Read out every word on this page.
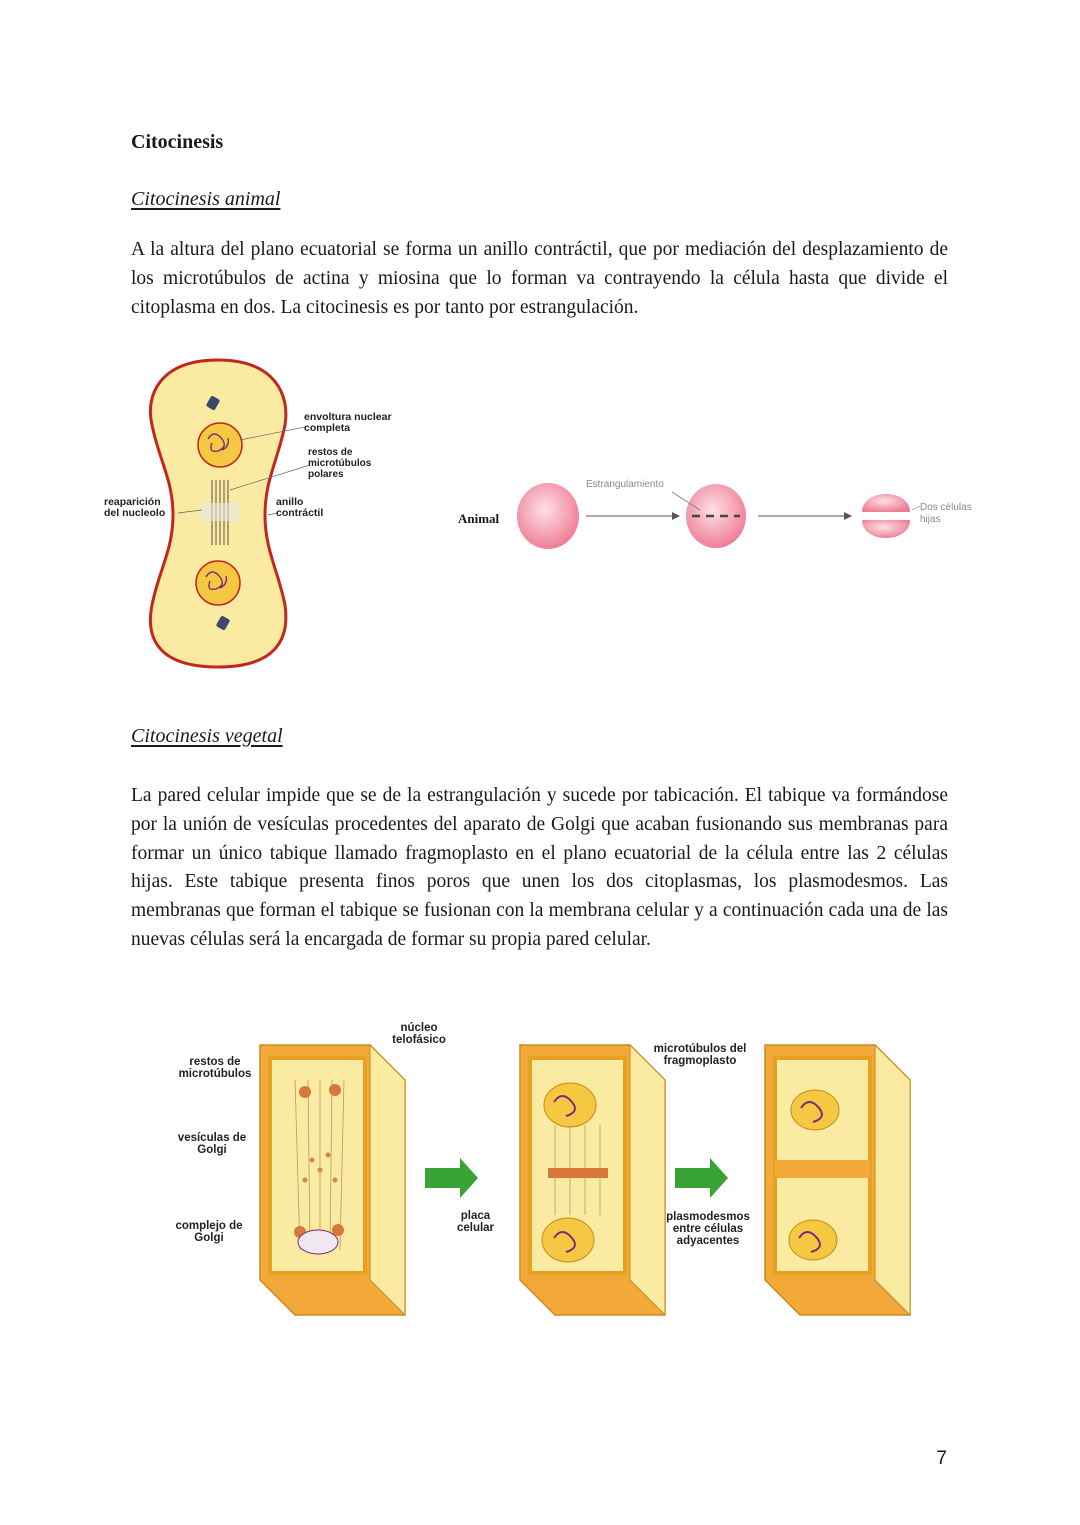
Citocinesis
Citocinesis animal
A la altura del plano ecuatorial se forma un anillo contráctil, que por mediación del desplazamiento de los microtúbulos de actina y miosina que lo forman va contrayendo la célula hasta que divide el citoplasma en dos. La citocinesis es por tanto por estrangulación.
envoltura nuclear completa
restos de microtúbulos polares
anillo contráctil
reaparición del nucleolo	Animal
Estrangulamiento
Dos células hijas
Citocinesis vegetal
La pared celular impide que se de la estrangulación y sucede por tabicación. El tabique va formándose por la unión de vesículas procedentes del aparato de Golgi que acaban fusionando sus membranas para formar un único tabique llamado fragmoplasto en el plano ecuatorial de la célula entre las 2 células hijas. Este tabique presenta finos poros que unen los dos citoplasmas, los plasmodesmos. Las membranas que forman el tabique se fusionan con la membrana celular y a continuación cada una de las nuevas células será la encargada de formar su propia pared celular.
restos de microtúbulos
vesículas de Golgi
complejo de Golgi
núcleo telofásico
placa celular
microtúbulos del fragmoplasto
plasmodesmos entre células adyacentes
7
